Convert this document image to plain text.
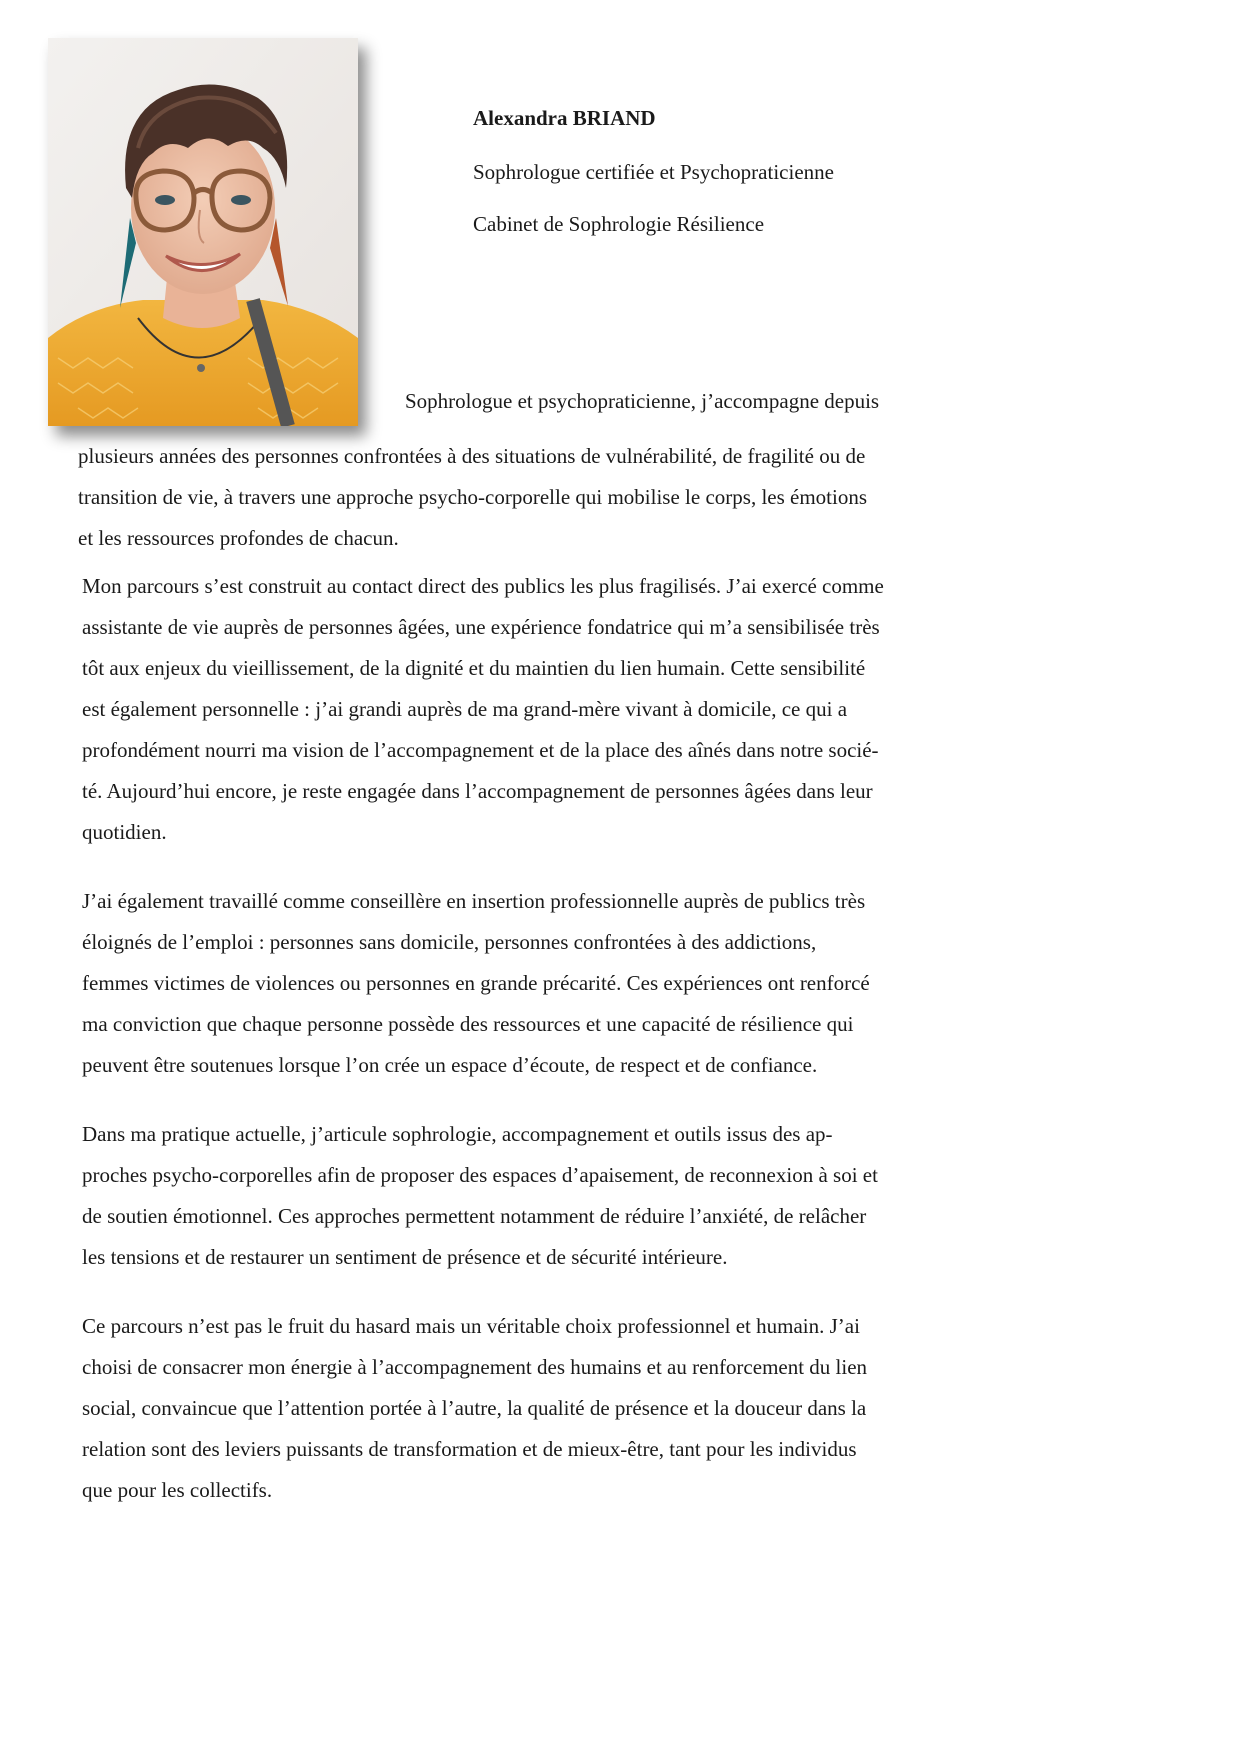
Alexandra BRIAND

Sophrologue certifiée et Psychopraticienne

Cabinet de Sophrologie Résilience

Sophrologue et psychopraticienne, j’accompagne depuis
plusieurs années des personnes confrontées à des situations de vulnérabilité, de fragilité ou de
transition de vie, à travers une approche psycho-corporelle qui mobilise le corps, les émotions
et les ressources profondes de chacun.
Mon parcours s’est construit au contact direct des publics les plus fragilisés. J’ai exercé comme
assistante de vie auprès de personnes âgées, une expérience fondatrice qui m’a sensibilisée très
tôt aux enjeux du vieillissement, de la dignité et du maintien du lien humain. Cette sensibilité
est également personnelle : j’ai grandi auprès de ma grand-mère vivant à domicile, ce qui a
profondément nourri ma vision de l’accompagnement et de la place des aînés dans notre socié-
té. Aujourd’hui encore, je reste engagée dans l’accompagnement de personnes âgées dans leur
quotidien.
J’ai également travaillé comme conseillère en insertion professionnelle auprès de publics très
éloignés de l’emploi : personnes sans domicile, personnes confrontées à des addictions,
femmes victimes de violences ou personnes en grande précarité. Ces expériences ont renforcé
ma conviction que chaque personne possède des ressources et une capacité de résilience qui
peuvent être soutenues lorsque l’on crée un espace d’écoute, de respect et de confiance.
Dans ma pratique actuelle, j’articule sophrologie, accompagnement et outils issus des ap-
proches psycho-corporelles afin de proposer des espaces d’apaisement, de reconnexion à soi et
de soutien émotionnel. Ces approches permettent notamment de réduire l’anxiété, de relâcher
les tensions et de restaurer un sentiment de présence et de sécurité intérieure.
Ce parcours n’est pas le fruit du hasard mais un véritable choix professionnel et humain. J’ai
choisi de consacrer mon énergie à l’accompagnement des humains et au renforcement du lien
social, convaincue que l’attention portée à l’autre, la qualité de présence et la douceur dans la
relation sont des leviers puissants de transformation et de mieux-être, tant pour les individus
que pour les collectifs.
